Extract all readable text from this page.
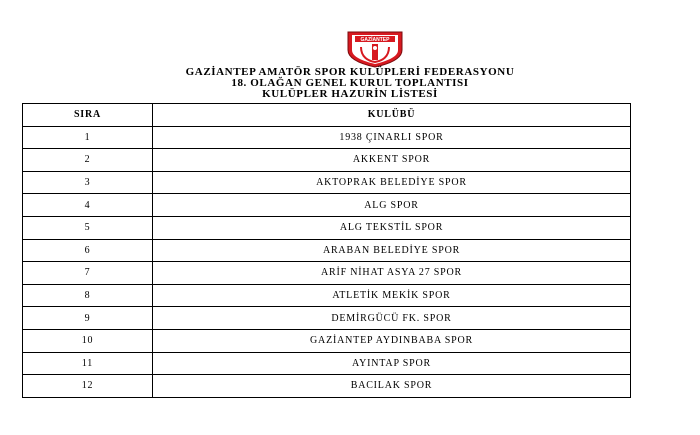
GAZİANTEP
GAZİANTEP AMATÖR SPOR KULÜPLERİ FEDERASYONU
18. OLAĞAN GENEL KURUL TOPLANTISI
KULÜPLER HAZURİN LİSTESİ
SIRA	KULÜBÜ
1	1938 ÇINARLI SPOR
2	AKKENT SPOR
3	AKTOPRAK BELEDİYE SPOR
4	ALG SPOR
5	ALG TEKSTİL SPOR
6	ARABAN BELEDİYE SPOR
7	ARİF NİHAT ASYA 27 SPOR
8	ATLETİK MEKİK SPOR
9	DEMİRGÜCÜ FK. SPOR
10	GAZİANTEP AYDINBABA SPOR
11	AYINTAP SPOR
12	BACILAK SPOR
